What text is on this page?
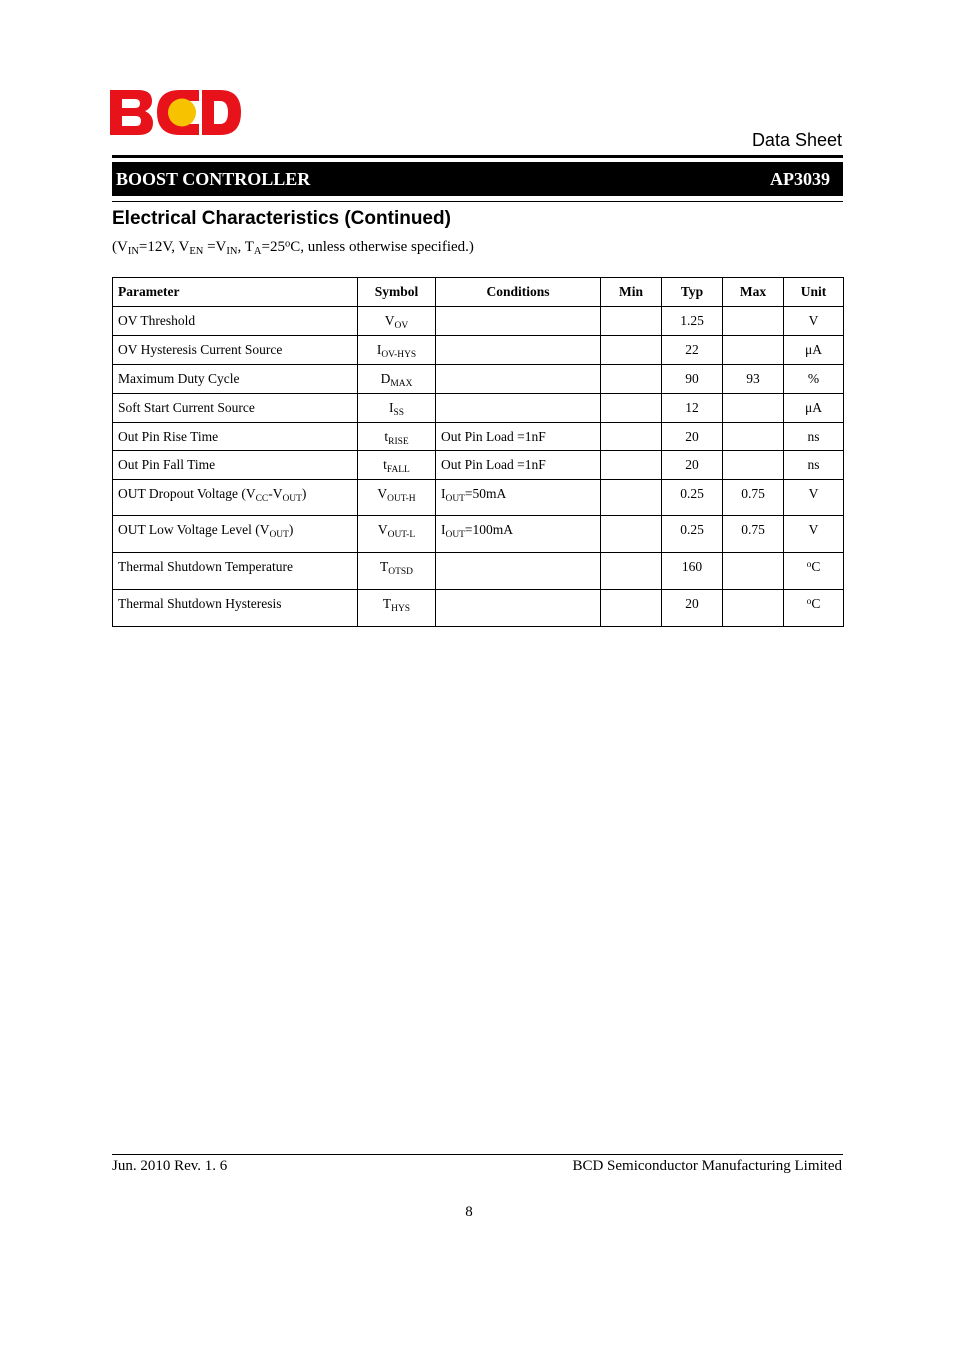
Data Sheet
BOOST CONTROLLER	AP3039
Electrical Characteristics (Continued)
($V_{IN}=12V$, $V_{EN} =V_{IN}$, $T_A=25^oC$, unless otherwise specified.)
Parameter	Symbol	Conditions	Min	Typ	Max	Unit
OV Threshold	$V_{OV}$			1.25		V
OV Hysteresis Current Source	$I_{OV-HYS}$			22		μA
Maximum Duty Cycle	$D_{MAX}$			90	93	%
Soft Start Current Source	$I_{SS}$			12		μA
Out Pin Rise Time	$t_{RISE}$	Out Pin Load =1nF		20		ns
Out Pin Fall Time	$t_{FALL}$	Out Pin Load =1nF		20		ns
OUT Dropout Voltage $(V_{CC}-V_{OUT})$	$V_{OUT-H}$	$I_{OUT}=50mA$		0.25	0.75	V
OUT Low Voltage Level $(V_{OUT})$	$V_{OUT-L}$	$I_{OUT}=100mA$		0.25	0.75	V
Thermal Shutdown Temperature	$T_{OTSD}$			160		$^o$C
Thermal Shutdown Hysteresis	$T_{HYS}$			20		$^o$C
Jun. 2010 Rev. 1. 6	BCD Semiconductor Manufacturing Limited
8
